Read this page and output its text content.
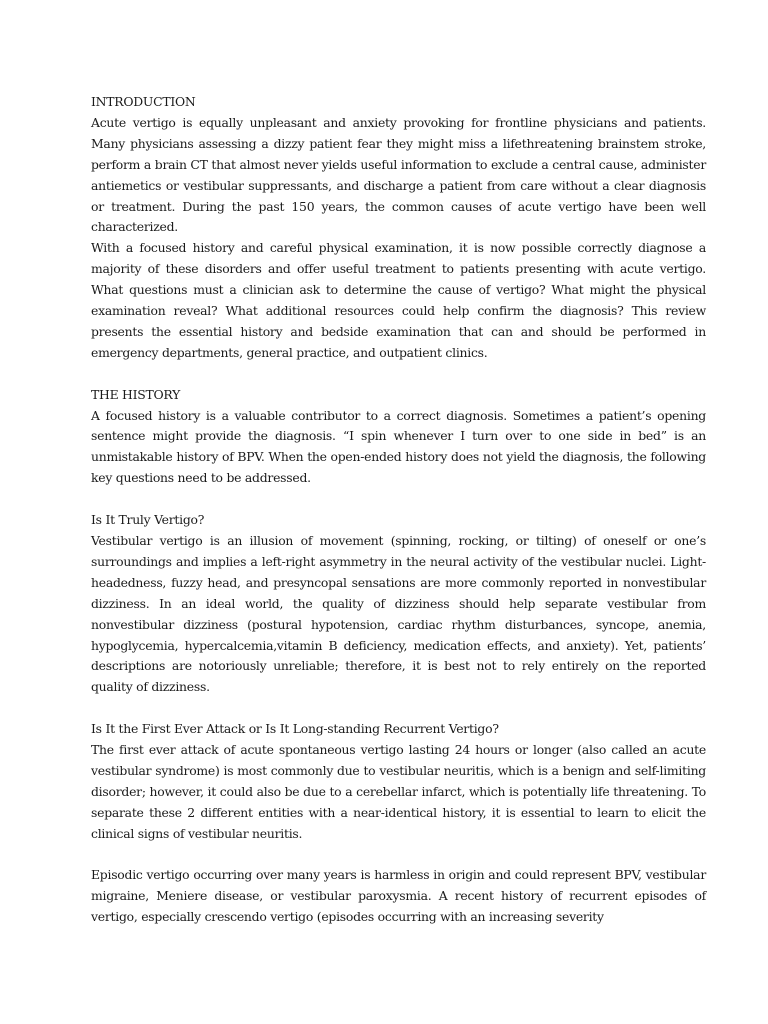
INTRODUCTION

Acute vertigo is equally unpleasant and anxiety provoking for frontline physicians and patients. Many physicians assessing a dizzy patient fear they might miss a lifethreatening brainstem stroke, perform a brain CT that almost never yields useful information to exclude a central cause, administer antiemetics or vestibular suppressants, and discharge a patient from care without a clear diagnosis or treatment. During the past 150 years, the common causes of acute vertigo have been well characterized.

With a focused history and careful physical examination, it is now possible correctly diagnose a majority of these disorders and offer useful treatment to patients presenting with acute vertigo. What questions must a clinician ask to determine the cause of vertigo? What might the physical examination reveal? What additional resources could help confirm the diagnosis? This review presents the essential history and bedside examination that can and should be performed in emergency departments, general practice, and outpatient clinics.

THE HISTORY

A focused history is a valuable contributor to a correct diagnosis. Sometimes a patient’s opening sentence might provide the diagnosis. “I spin whenever I turn over to one side in bed” is an unmistakable history of BPV. When the open-ended history does not yield the diagnosis, the following key questions need to be addressed.

Is It Truly Vertigo?

Vestibular vertigo is an illusion of movement (spinning, rocking, or tilting) of oneself or one’s surroundings and implies a left-right asymmetry in the neural activity of the vestibular nuclei. Light-headedness, fuzzy head, and presyncopal sensations are more commonly reported in nonvestibular dizziness. In an ideal world, the quality of dizziness should help separate vestibular from nonvestibular dizziness (postural hypotension, cardiac rhythm disturbances, syncope, anemia, hypoglycemia, hypercalcemia,vitamin B deficiency, medication effects, and anxiety). Yet, patients’ descriptions are notoriously unreliable; therefore, it is best not to rely entirely on the reported quality of dizziness.

Is It the First Ever Attack or Is It Long-standing Recurrent Vertigo?

The first ever attack of acute spontaneous vertigo lasting 24 hours or longer (also called an acute vestibular syndrome) is most commonly due to vestibular neuritis, which is a benign and self-limiting disorder; however, it could also be due to a cerebellar infarct, which is potentially life threatening. To separate these 2 different entities with a near-identical history, it is essential to learn to elicit the clinical signs of vestibular neuritis.

Episodic vertigo occurring over many years is harmless in origin and could represent BPV, vestibular migraine, Meniere disease, or vestibular paroxysmia. A recent history of recurrent episodes of vertigo, especially crescendo vertigo (episodes occurring with an increasing severity
